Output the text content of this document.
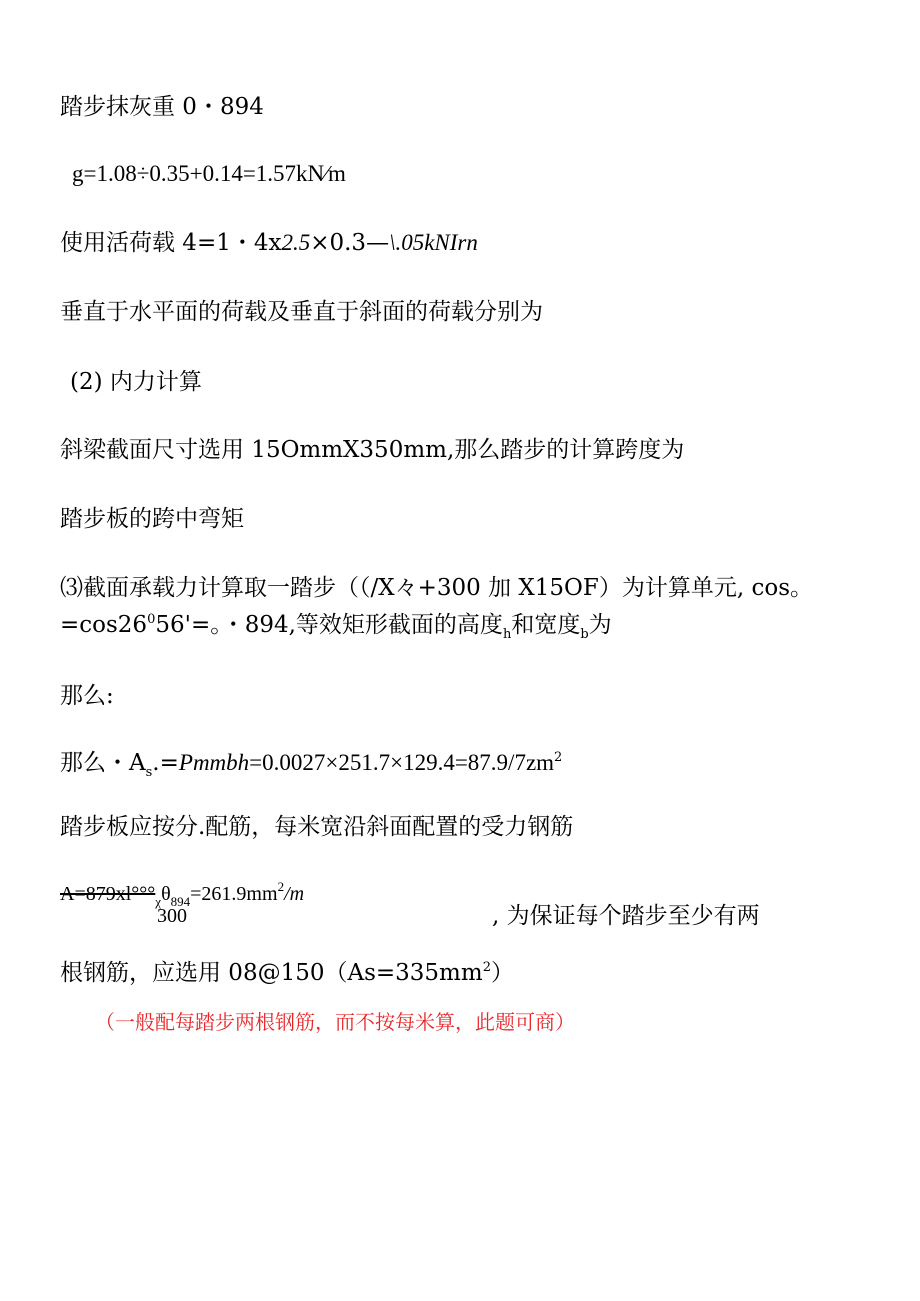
踏步抹灰重 0・894
g=1.08÷0.35+0.14=1.57kN∕m
使用活荷载 4=1・4x2.5×0.3—\.05kNIrn
垂直于水平面的荷载及垂直于斜面的荷载分别为
(2) 内力计算
斜梁截面尺寸选用 15OmmX350mm,那么踏步的计算跨度为
踏步板的跨中弯矩
⑶截面承载力计算取一踏步（（/X々+300 加 X15OF）为计算单元, cos。
$=\cos 26^056'=$。・894,等效矩形截面的高度$_h$和宽度$_b$为
那么:
那么・$A_s.=Pmmbh=0.0027\times 251.7\times 129.4=87.9/7zm^2$
踏步板应按分.配筋，每米宽沿斜面配置的受力钢筋
$A=879xl^\circ^\circ^\circ_\chi\theta_{894}=261.9mm^2/m$
300	, 为保证每个踏步至少有两
根钢筋，应选用 $08@150(As=335mm^2)$
（一般配每踏步两根钢筋，而不按每米算，此题可商）
